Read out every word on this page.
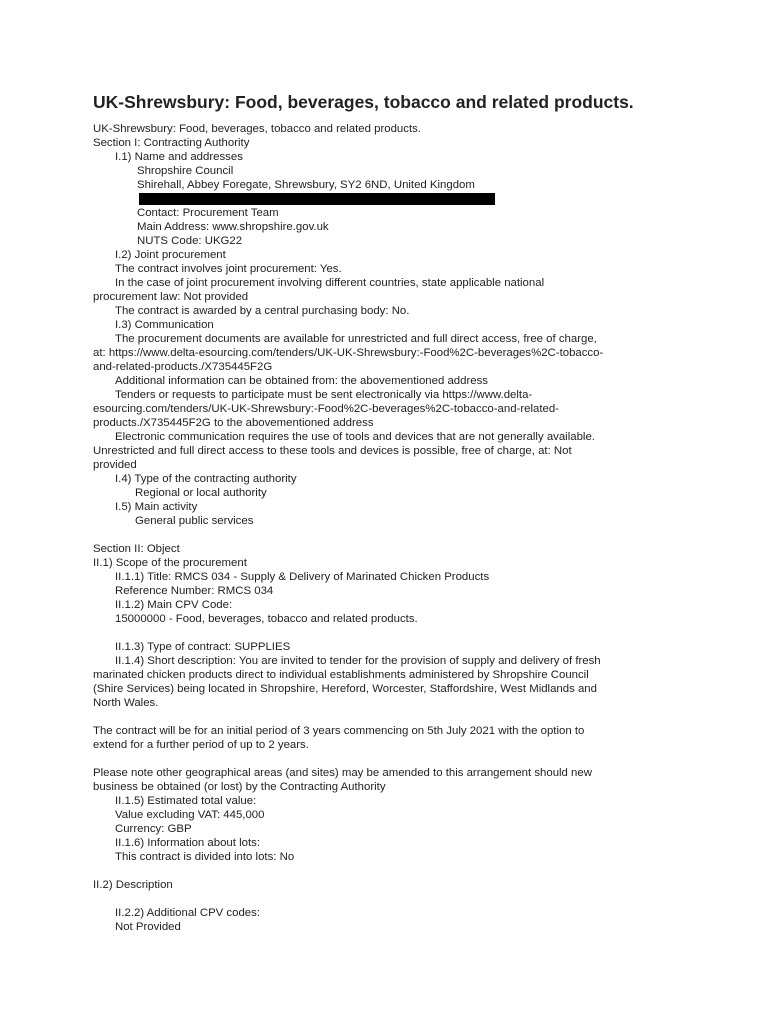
UK-Shrewsbury: Food, beverages, tobacco and related products.
UK-Shrewsbury: Food, beverages, tobacco and related products.
Section I: Contracting Authority
I.1) Name and addresses
Shropshire Council
Shirehall, Abbey Foregate, Shrewsbury, SY2 6ND, United Kingdom
Contact: Procurement Team
Main Address: www.shropshire.gov.uk
NUTS Code: UKG22
I.2) Joint procurement
The contract involves joint procurement: Yes.
In the case of joint procurement involving different countries, state applicable national
procurement law: Not provided
The contract is awarded by a central purchasing body: No.
I.3) Communication
The procurement documents are available for unrestricted and full direct access, free of charge,
at: https://www.delta-esourcing.com/tenders/UK-UK-Shrewsbury:-Food%2C-beverages%2C-tobacco-
and-related-products./X735445F2G
Additional information can be obtained from: the abovementioned address
Tenders or requests to participate must be sent electronically via https://www.delta-
esourcing.com/tenders/UK-UK-Shrewsbury:-Food%2C-beverages%2C-tobacco-and-related-
products./X735445F2G to the abovementioned address
Electronic communication requires the use of tools and devices that are not generally available.
Unrestricted and full direct access to these tools and devices is possible, free of charge, at: Not
provided
I.4) Type of the contracting authority
Regional or local authority
I.5) Main activity
General public services
Section II: Object
II.1) Scope of the procurement
II.1.1) Title: RMCS 034 - Supply & Delivery of Marinated Chicken Products
Reference Number: RMCS 034
II.1.2) Main CPV Code:
15000000 - Food, beverages, tobacco and related products.
II.1.3) Type of contract: SUPPLIES
II.1.4) Short description: You are invited to tender for the provision of supply and delivery of fresh
marinated chicken products direct to individual establishments administered by Shropshire Council
(Shire Services) being located in Shropshire, Hereford, Worcester, Staffordshire, West Midlands and
North Wales.
The contract will be for an initial period of 3 years commencing on 5th July 2021 with the option to
extend for a further period of up to 2 years.
Please note other geographical areas (and sites) may be amended to this arrangement should new
business be obtained (or lost) by the Contracting Authority
II.1.5) Estimated total value:
Value excluding VAT: 445,000
Currency: GBP
II.1.6) Information about lots:
This contract is divided into lots: No
II.2) Description
II.2.2) Additional CPV codes:
Not Provided
